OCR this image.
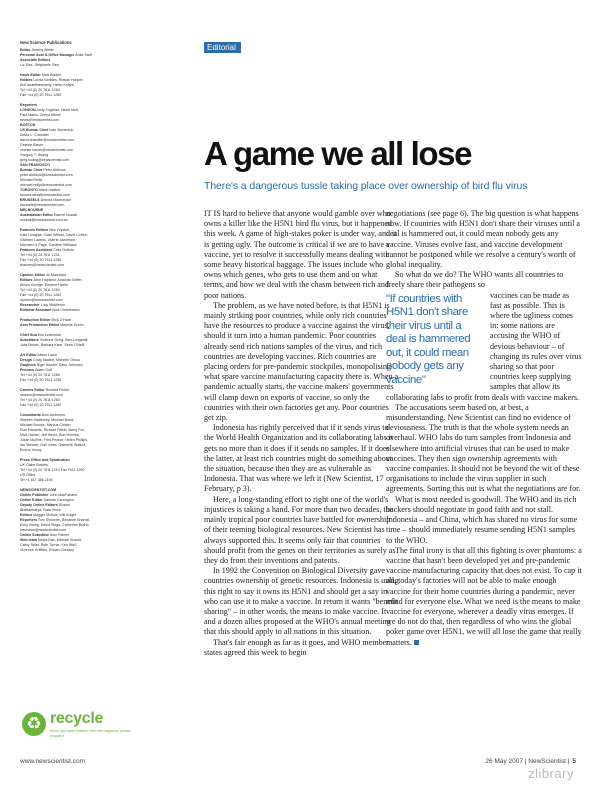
New Science Publications
Editor Jeremy Webb
Personal Asst & Office Manager Anita Staff
Associate Editors
Liz Else, Stephanie Pain

News Editor Matt Walker
Editors Lorcia Geddes, Rowan Hooper,
Anil Ananthaswamy, Helen Knight
Tel +44 (0) 20 7611 1260
Fax +44 (0) 20 7611 1250

Reporters
LONDON Andy Coghlan, Hazel Muir,
Paul Marks, Zeeya Merali
news@newscientist.com
BOSTON
US Bureau Chief Ivan Semeniuk
David L. Chandler
david.chandler@newscientist.com
Celeste Biever
celeste.biever@newscientist.com
Gregory T. Huang
greg.huang@newscientist.com
SAN FRANCISCO
Bureau Chief Peter Aldhous
peter.aldhous@newscientist.com
Michael Reilly
michael.reilly@newscientist.com
TORONTO Alison Motluk
sonora.atka@newscientist.com
BRUSSELS Debora MacKenzie
brussels@newscientist.com
MELBOURNE
Australasian Editor Rachel Nowak
rnowak@newscientist.com.au

Features Editors Ben Crystall,
Kate Douglas, Clare Wilson, David Cohen,
Graham Lawton, Valerie Jamieson,
Michael Le Page, Caroline Williams
Features Assistant Celia Guthrie
Tel +44 (0) 20 7611 1201
Fax +44 (0) 20 7611 1280
features@newscientist.com

Opinion Editor Jo Marchant
Editors John Hopland, Amanda Gefter,
Alison George, Eleanor Harris
Tel +44 (0) 20 7611 1260
Fax +44 (0) 20 7611 1262
opinion@newscientist.com
Researcher Lucy Middleton
Editorial Assistant Nick Christensen

Production Editor Mick O'Hare
Asst Production Editor Melanie Green

Chief Sub Eric Lederman
Subeditors Vivienne Greig, Ben Longstaff,
Julia Brown, Barbara Kiser, Sean O'Neill

Art Editor Alison Lawn
Design Craig Mackie, Michelle Ofosu
Graphics Nigel Hawtin, Dave Johnston
Pictures Adam Goff
Tel +44 (0) 20 7611 1268
Fax +44 (0) 20 7611 1250

Careers Editor Richard Fisher
careers@newscientist.com
Tel +44 (0) 20 7611 1260
Fax +44 (0) 20 7611 1280

Consultants Alun Anderson,
Stephen Battersby, Michael Bond,
Michael Brooks, Marcus Chown,
Rob Edwards, Richard Fifield, Barry Fox,
Mick Hamer, Jeff Hecht, Bob Holmes,
Justin Mullins, Fred Pearce, Helen Phillips,
Ian Stewart, Gail Vines, Gabrielle Walker,
Emma Young

Press Office and Syndication
UK Claire Bowles
Tel +44 (0) 20 7611 1210 Fax 7611 1250
US Office
Tel +1 617 386 2190

NEWSCIENTIST.COM
Online Publisher John MacFarlane
Online Editor Damian Carrington
Deputy Online Editors Shaoni
Bhattacharya, Gaia Vince
Editors Maggie McKee, Will Knight
Reporters Tom Simonite, Roxanne Khamsi,
Kelly Young, David Shiga, Catherine Brahic
webnews@newscientist.com
Online Subeditor Alun Palmer
Web team Neela Das, Michael Suzuki,
Cathy Tallet, Ruth Turner, Ken Wall,
Vivienne Griffiths, Rohan Creasey
♻ recycle
When you have finished with this magazine please recycle it.
Editorial
A game we all lose
There's a dangerous tussle taking place over ownership of bird flu virus

IT IS hard to believe that anyone would gamble over who owns a killer like the H5N1 bird flu virus, but it happened this week. A game of high-stakes poker is under way, and it is getting ugly. The outcome is critical if we are to have a vaccine, yet to resolve it successfully means dealing with some heavy historical baggage. The issues include who owns which genes, who gets to use them and on what terms, and how we deal with the chasm between rich and poor nations.

The problem, as we have noted before, is that H5N1 is mainly striking poor countries, while only rich countries have the resources to produce a vaccine against the virus, should it turn into a human pandemic. Poor countries already send rich nations samples of the virus, and rich countries are developing vaccines. Rich countries are placing orders for pre-pandemic stockpiles, monopolising what spare vaccine manufacturing capacity there is. When a pandemic actually starts, the vaccine makers' governments will clamp down on exports of vaccine, so only the countries with their own factories get any. Poor countries get zip.

Indonesia has rightly perceived that if it sends virus to the World Health Organization and its collaborating labs it gets no more than it does if it sends no samples. If it does the latter, at least rich countries might do something about the situation, because then they are as vulnerable as Indonesia. That was where we left it (New Scientist, 17 February, p 3).

Here, a long-standing effort to right one of the world's injustices is taking a hand. For more than two decades, the mainly tropical poor countries have battled for ownership of their teeming biological resources. New Scientist has always supported this. It seems only fair that countries should profit from the genes on their territories as surely as they do from their inventions and patents.

In 1992 the Convention on Biological Diversity gave countries ownership of genetic resources. Indonesia is using this right to say it owns its H5N1 and should get a say in who can use it to make a vaccine. In return it wants "benefit sharing" – in other words, the means to make vaccine. It and a dozen allies proposed at the WHO's annual meeting that this should apply to all nations in this situation.

That's fair enough as far as it goes, and WHO member states agreed this week to begin

negotiations (see page 6). The big question is what happens now. If countries with H5N1 don't share their viruses until a deal is hammered out, it could mean nobody gets any vaccine. Viruses evolve fast, and vaccine development cannot be postponed while we resolve a century's worth of global inequality.

So what do we do? The WHO wants all countries to freely share their pathogens so

"If countries with H5N1 don't share their virus until a deal is hammered out, it could mean nobody gets any vaccine"

vaccines can be made as fast as possible. This is where the ugliness comes in: some nations are accusing the WHO of devious behaviour – of changing its rules over virus sharing so that poor countries keep supplying samples that allow its collaborating labs to profit from deals with vaccine makers.

The accusations seem based on, at best, a misunderstanding. New Scientist can find no evidence of deviousness. The truth is that the whole system needs an overhaul. WHO labs do turn samples from Indonesia and elsewhere into artificial viruses that can be used to make vaccines. They then sign ownership agreements with vaccine companies. It should not be beyond the wit of these organisations to include the virus supplier in such agreements. Sorting this out is what the negotiations are for.

What is most needed is goodwill. The WHO and its rich backers should negotiate in good faith and not stall. Indonesia – and China, which has shared no virus for some time – should immediately resume sending H5N1 samples to the WHO.

The final irony is that all this fighting is over phantoms: a vaccine that hasn't been developed yet and pre-pandemic vaccine manufacturing capacity that does not exist. To cap it all, today's factories will not be able to make enough vaccine for their home countries during a pandemic, never mind for everyone else. What we need is the means to make vaccine for everyone, wherever a deadly virus emerges. If we do not do that, then regardless of who wins the global poker game over H5N1, we will all lose the game that really matters.

www.newscientist.com	26 May 2007 | NewScientist | 5
zlibrary
